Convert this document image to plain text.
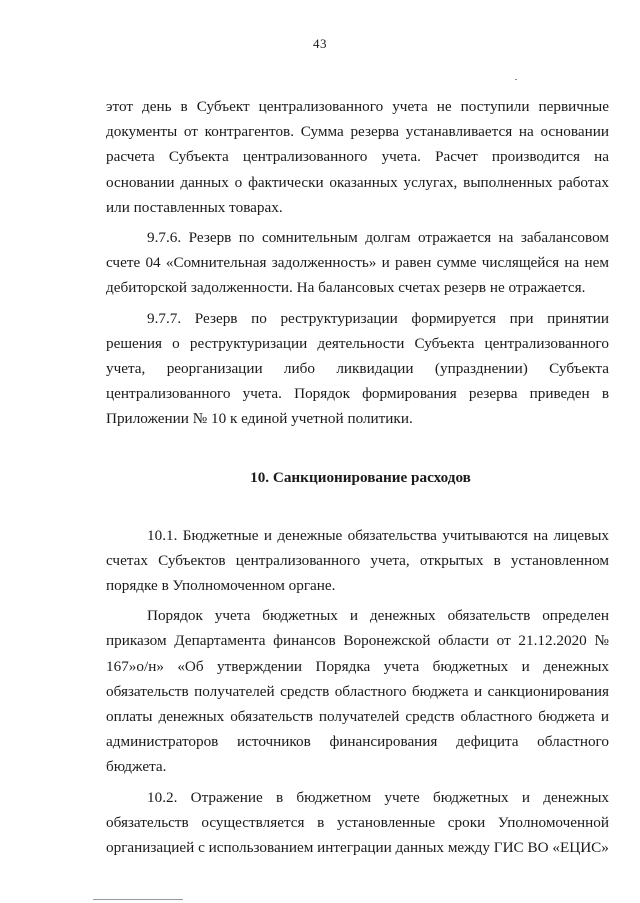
43

этот день в Субъект централизованного учета не поступили первичные документы от контрагентов. Сумма резерва устанавливается на основании расчета Субъекта централизованного учета. Расчет производится на основании данных о фактически оказанных услугах, выполненных работах или поставленных товарах.

9.7.6. Резерв по сомнительным долгам отражается на забалансовом счете 04 «Сомнительная задолженность» и равен сумме числящейся на нем дебиторской задолженности. На балансовых счетах резерв не отражается.

9.7.7. Резерв по реструктуризации формируется при принятии решения о реструктуризации деятельности Субъекта централизованного учета, реорганизации либо ликвидации (упразднении) Субъекта централизованного учета. Порядок формирования резерва приведен в Приложении № 10 к единой учетной политики.

10. Санкционирование расходов

10.1. Бюджетные и денежные обязательства учитываются на лицевых счетах Субъектов централизованного учета, открытых в установленном порядке в Уполномоченном органе.

Порядок учета бюджетных и денежных обязательств определен приказом Департамента финансов Воронежской области от 21.12.2020 № 167»о/н» «Об утверждении Порядка учета бюджетных и денежных обязательств получателей средств областного бюджета и санкционирования оплаты денежных обязательств получателей средств областного бюджета и администраторов источников финансирования дефицита областного бюджета.

10.2. Отражение в бюджетном учете бюджетных и денежных обязательств осуществляется в установленные сроки Уполномоченной организацией с использованием интеграции данных между ГИС ВО «ЕЦИС»
